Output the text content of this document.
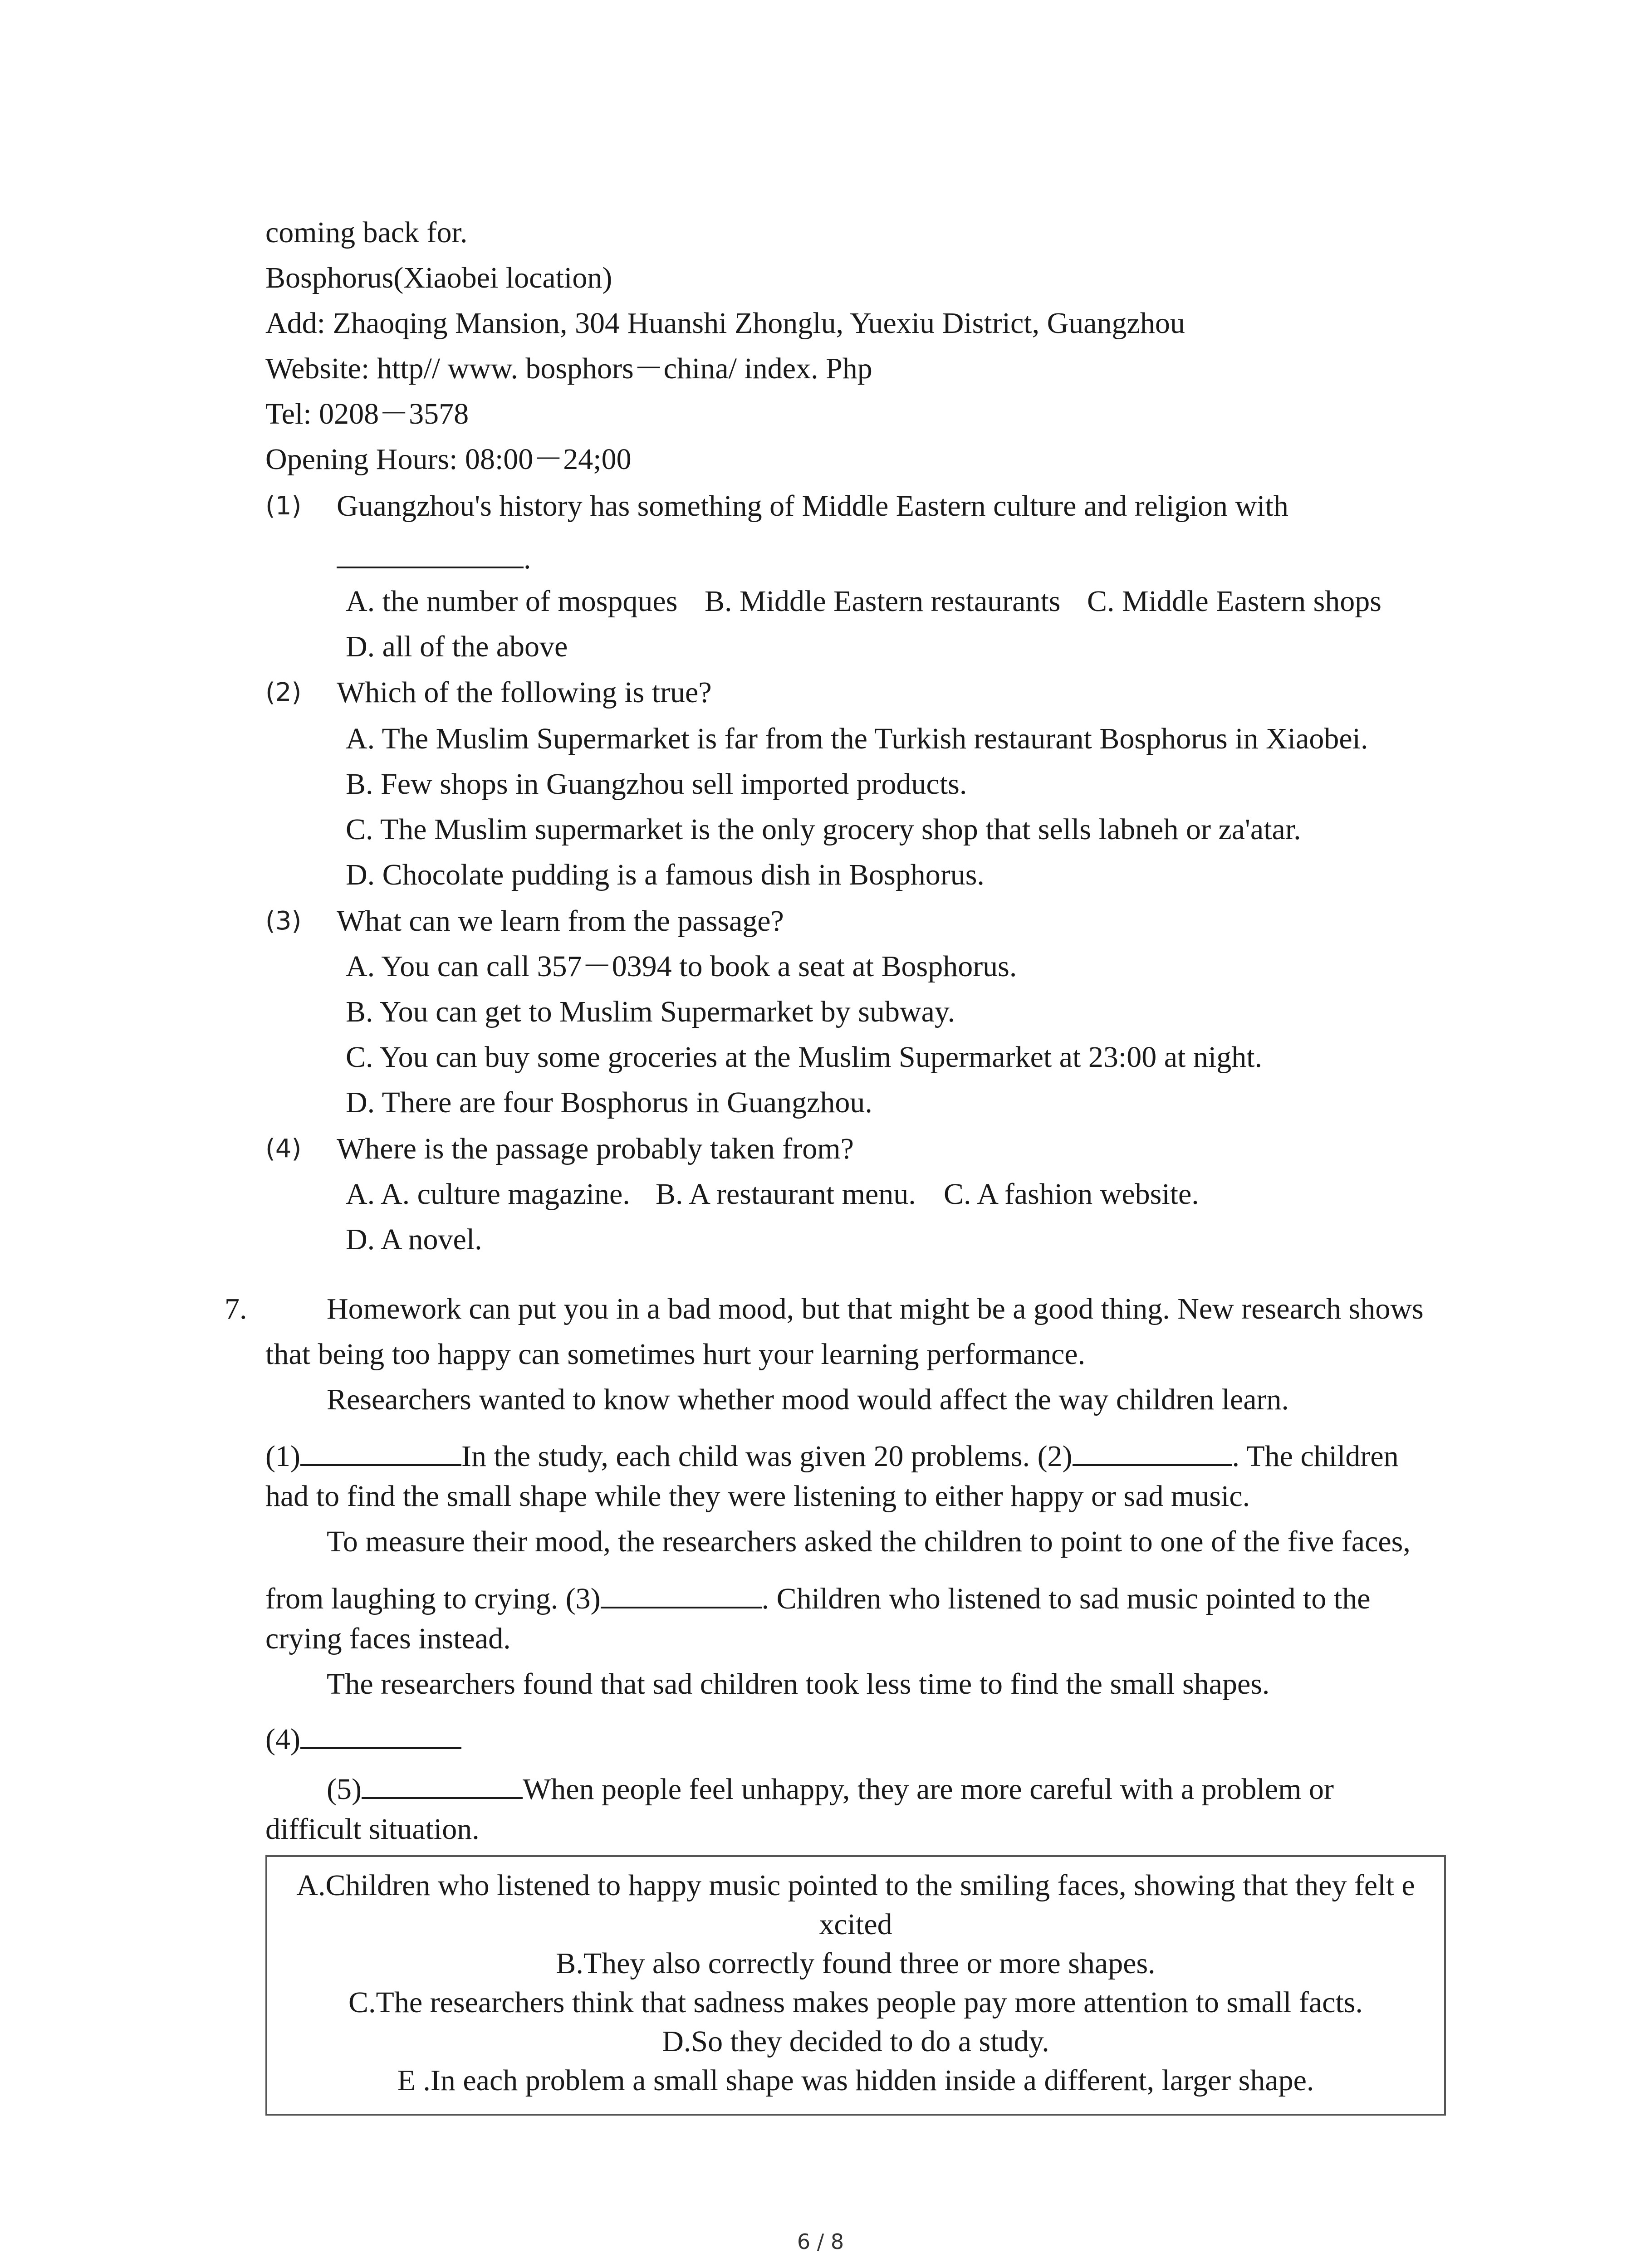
coming back for.
Bosphorus(Xiaobei location)
Add: Zhaoqing Mansion, 304 Huanshi Zhonglu, Yuexiu District, Guangzhou
Website: http// www. bosphors－china/ index. Php
Tel: 0208－3578
Opening Hours: 08:00－24;00
(1) Guangzhou's history has something of Middle Eastern culture and religion with
.
A. the number of mospques B. Middle Eastern restaurants C. Middle Eastern shops
D. all of the above
(2) Which of the following is true?
A. The Muslim Supermarket is far from the Turkish restaurant Bosphorus in Xiaobei.
B. Few shops in Guangzhou sell imported products.
C. The Muslim supermarket is the only grocery shop that sells labneh or za'atar.
D. Chocolate pudding is a famous dish in Bosphorus.
(3) What can we learn from the passage?
A. You can call 357－0394 to book a seat at Bosphorus.
B. You can get to Muslim Supermarket by subway.
C. You can buy some groceries at the Muslim Supermarket at 23:00 at night.
D. There are four Bosphorus in Guangzhou.
(4) Where is the passage probably taken from?
A. A. culture magazine. B. A restaurant menu. C. A fashion website.
D. A novel.
7.	Homework can put you in a bad mood, but that might be a good thing. New research shows
that being too happy can sometimes hurt your learning performance.
Researchers wanted to know whether mood would affect the way children learn.
(1)	In the study, each child was given 20 problems. (2)	. The children
had to find the small shape while they were listening to either happy or sad music.
To measure their mood, the researchers asked the children to point to one of the five faces,
from laughing to crying. (3)	. Children who listened to sad music pointed to the
crying faces instead.
The researchers found that sad children took less time to find the small shapes.
(4)
(5)	When people feel unhappy, they are more careful with a problem or
difficult situation.
A.Children who listened to happy music pointed to the smiling faces, showing that they felt e
xcited
B.They also correctly found three or more shapes.
C.The researchers think that sadness makes people pay more attention to small facts.
D.So they decided to do a study.
E .In each problem a small shape was hidden inside a different, larger shape.
6 / 8
